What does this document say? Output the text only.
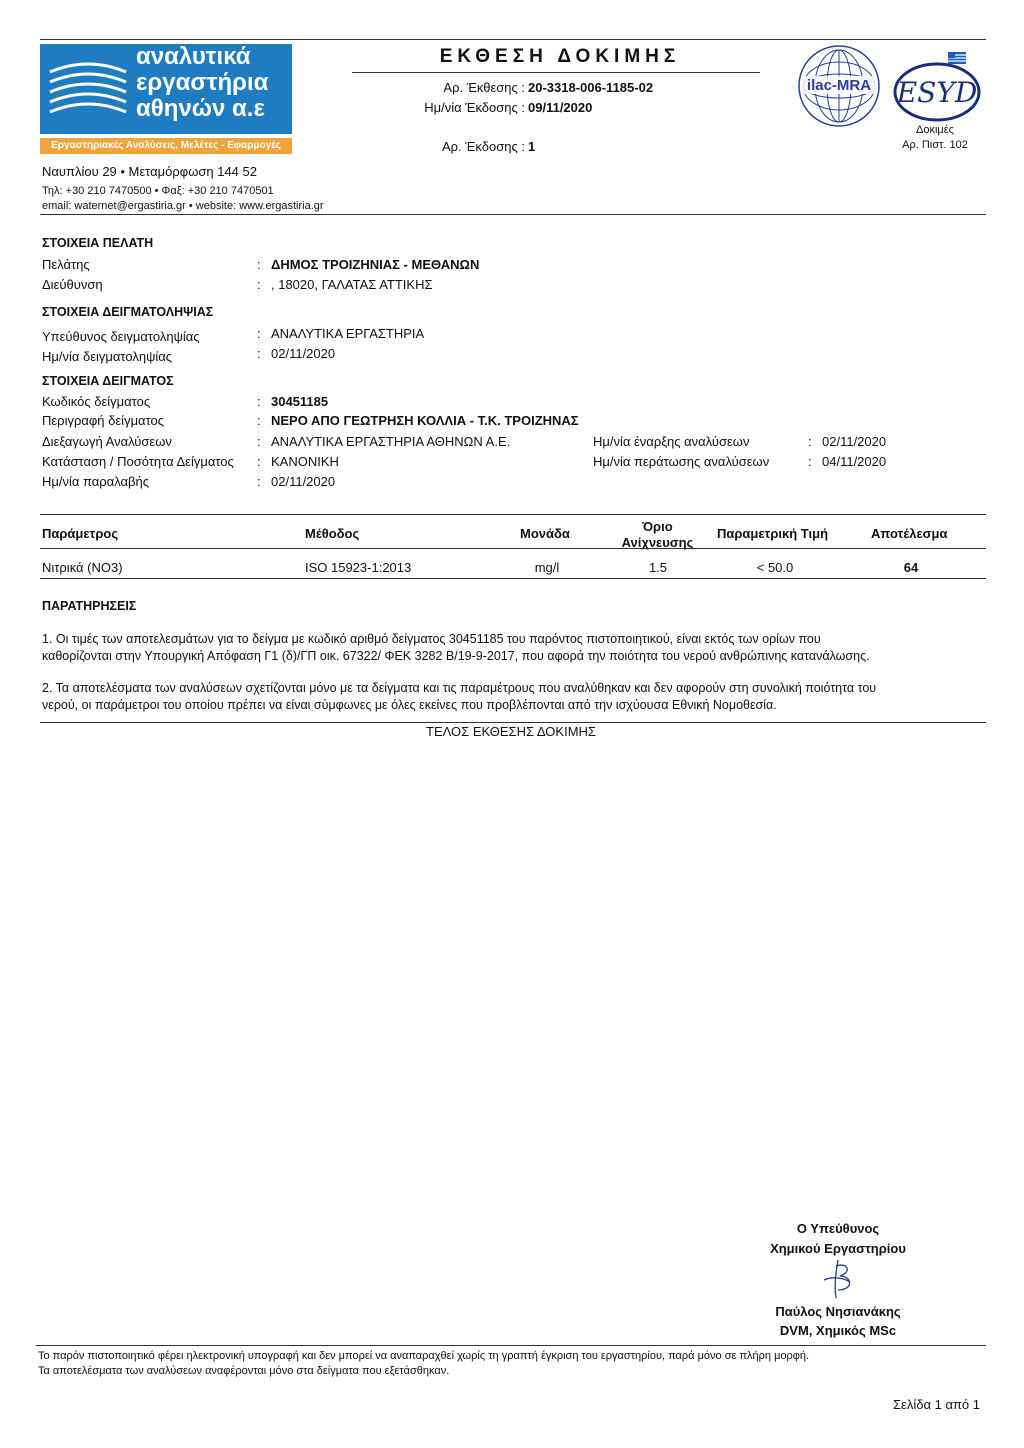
αναλυτικά
εργαστήρια
αθηνών α.ε
Εργαστηριακές Αναλύσεις, Μελέτες - Εφαρμογές
Ναυπλίου 29 • Μεταμόρφωση 144 52
Τηλ: +30 210 7470500 • Φαξ: +30 210 7470501
email: waternet@ergastiria.gr • website: www.ergastiria.gr
ΕΚΘΕΣΗ ΔΟΚΙΜΗΣ
Αρ. Έκθεσης : 20-3318-006-1185-02
Ημ/νία Έκδοσης : 09/11/2020
Αρ. Έκδοσης : 1
ilac-MRA ESYD
Δοκιμές
Αρ. Πιστ. 102
ΣΤΟΙΧΕΙΑ ΠΕΛΑΤΗ
Πελάτης	: ΔΗΜΟΣ ΤΡΟΙΖΗΝΙΑΣ - ΜΕΘΑΝΩΝ
Διεύθυνση	: , 18020, ΓΑΛΑΤΑΣ ΑΤΤΙΚΗΣ
ΣΤΟΙΧΕΙΑ ΔΕΙΓΜΑΤΟΛΗΨΙΑΣ
Υπεύθυνος δειγματοληψίας	: ΑΝΑΛΥΤΙΚΑ ΕΡΓΑΣΤΗΡΙΑ
Ημ/νία δειγματοληψίας	: 02/11/2020
ΣΤΟΙΧΕΙΑ ΔΕΙΓΜΑΤΟΣ
Κωδικός δείγματος	: 30451185
Περιγραφή δείγματος	: ΝΕΡΟ ΑΠΟ ΓΕΩΤΡΗΣΗ ΚΟΛΛΙΑ - Τ.Κ. ΤΡΟΙΖΗΝΑΣ
Διεξαγωγή Αναλύσεων	: ΑΝΑΛΥΤΙΚΑ ΕΡΓΑΣΤΗΡΙΑ ΑΘΗΝΩΝ Α.Ε.	Ημ/νία έναρξης αναλύσεων	: 02/11/2020
Κατάσταση / Ποσότητα Δείγματος : ΚΑΝΟΝΙΚΗ	Ημ/νία περάτωσης αναλύσεων	: 04/11/2020
Ημ/νία παραλαβής	: 02/11/2020
Παράμετρος	Μέθοδος	Μονάδα	Όριο
Ανίχνευσης
Παραμετρική Τιμή	Αποτέλεσμα
Νιτρικά (NO3)	ISO 15923-1:2013	mg/l	1.5	< 50.0	64
ΠΑΡΑΤΗΡΗΣΕΙΣ
1. Οι τιμές των αποτελεσμάτων για το δείγμα με κωδικό αριθμό δείγματος 30451185 του παρόντος πιστοποιητικού, είναι εκτός των ορίων που
καθορίζονται στην Υπουργική Απόφαση Γ1 (δ)/ΓΠ οικ. 67322/ ΦΕΚ 3282 Β/19-9-2017, που αφορά την ποιότητα του νερού ανθρώπινης κατανάλωσης.
2. Τα αποτελέσματα των αναλύσεων σχετίζονται μόνο με τα δείγματα και τις παραμέτρους που αναλύθηκαν και δεν αφορούν στη συνολική ποιότητα του
νερού, οι παράμετροι του οποίου πρέπει να είναι σύμφωνες με όλες εκείνες που προβλέπονται από την ισχύουσα Εθνική Νομοθεσία.
ΤΕΛΟΣ ΕΚΘΕΣΗΣ ΔΟΚΙΜΗΣ
Ο Υπεύθυνος
Χημικού Εργαστηρίου
Παύλος Νησιανάκης
DVM, Χημικός MSc
Το παρόν πιστοποιητικό φέρει ηλεκτρονική υπογραφή και δεν μπορεί να αναπαραχθεί χωρίς τη γραπτή έγκριση του εργαστηρίου, παρά μόνο σε πλήρη μορφή.
Τα αποτελέσματα των αναλύσεων αναφέρονται μόνο στα δείγματα που εξετάσθηκαν.
Σελίδα 1 από 1
